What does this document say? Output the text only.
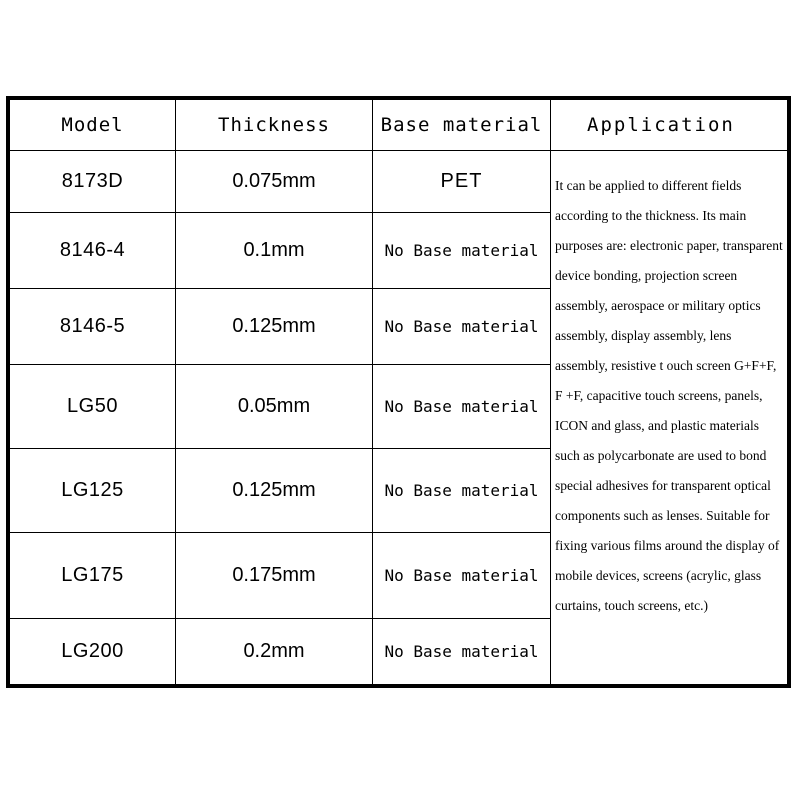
Model	Thickness	Base material	Application
8173D	0.075mm	PET
8146-4	0.1mm	No Base material
8146-5	0.125mm	No Base material
LG50	0.05mm	No Base material
LG125	0.125mm	No Base material
LG175	0.175mm	No Base material
LG200	0.2mm	No Base material

It can be applied to different fields according to the thickness. Its main purposes are: electronic paper, transparent device bonding, projection screen assembly, aerospace or military optics assembly, display assembly, lens assembly, resistive t ouch screen G+F+F, F +F, capacitive touch screens, panels, ICON and glass, and plastic materials such as polycarbonate are used to bond special adhesives for transparent optical components such as lenses. Suitable for fixing various films around the display of mobile devices, screens (acrylic, glass curtains, touch screens, etc.)
